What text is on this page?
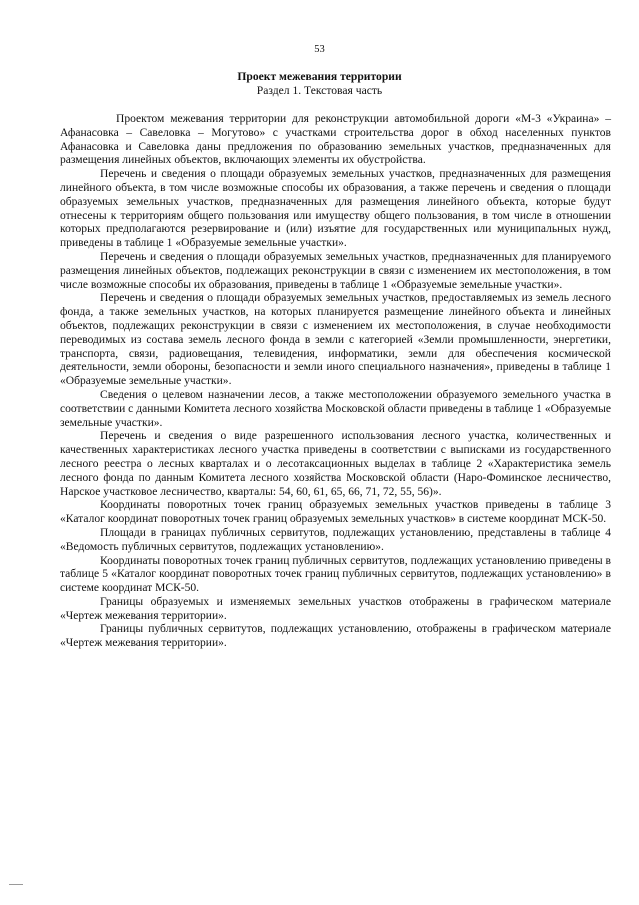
53
Проект межевания территории
Раздел 1. Текстовая часть

Проектом межевания территории для реконструкции автомобильной дороги «М-3 «Украина» – Афанасовка – Савеловка – Могутово» с участками строительства дорог в обход населенных пунктов Афанасовка и Савеловка даны предложения по образованию земельных участков, предназначенных для размещения линейных объектов, включающих элементы их обустройства.

Перечень и сведения о площади образуемых земельных участков, предназначенных для размещения линейного объекта, в том числе возможные способы их образования, а также перечень и сведения о площади образуемых земельных участков, предназначенных для размещения линейного объекта, которые будут отнесены к территориям общего пользования или имуществу общего пользования, в том числе в отношении которых предполагаются резервирование и (или) изъятие для государственных или муниципальных нужд, приведены в таблице 1 «Образуемые земельные участки».

Перечень и сведения о площади образуемых земельных участков, предназначенных для планируемого размещения линейных объектов, подлежащих реконструкции в связи с изменением их местоположения, в том числе возможные способы их образования, приведены в таблице 1 «Образуемые земельные участки».

Перечень и сведения о площади образуемых земельных участков, предоставляемых из земель лесного фонда, а также земельных участков, на которых планируется размещение линейного объекта и линейных объектов, подлежащих реконструкции в связи с изменением их местоположения, в случае необходимости переводимых из состава земель лесного фонда в земли с категорией «Земли промышленности, энергетики, транспорта, связи, радиовещания, телевидения, информатики, земли для обеспечения космической деятельности, земли обороны, безопасности и земли иного специального назначения», приведены в таблице 1 «Образуемые земельные участки».

Сведения о целевом назначении лесов, а также местоположении образуемого земельного участка в соответствии с данными Комитета лесного хозяйства Московской области приведены в таблице 1 «Образуемые земельные участки».

Перечень и сведения о виде разрешенного использования лесного участка, количественных и качественных характеристиках лесного участка приведены в соответствии с выписками из государственного лесного реестра о лесных кварталах и о лесотаксационных выделах в таблице 2 «Характеристика земель лесного фонда по данным Комитета лесного хозяйства Московской области (Наро-Фоминское лесничество, Нарское участковое лесничество, кварталы: 54, 60, 61, 65, 66, 71, 72, 55, 56)».

Координаты поворотных точек границ образуемых земельных участков приведены в таблице 3 «Каталог координат поворотных точек границ образуемых земельных участков» в системе координат МСК-50.

Площади в границах публичных сервитутов, подлежащих установлению, представлены в таблице 4 «Ведомость публичных сервитутов, подлежащих установлению».

Координаты поворотных точек границ публичных сервитутов, подлежащих установлению приведены в таблице 5 «Каталог координат поворотных точек границ публичных сервитутов, подлежащих установлению» в системе координат МСК-50.

Границы образуемых и изменяемых земельных участков отображены в графическом материале «Чертеж межевания территории».

Границы публичных сервитутов, подлежащих установлению, отображены в графическом материале «Чертеж межевания территории».
